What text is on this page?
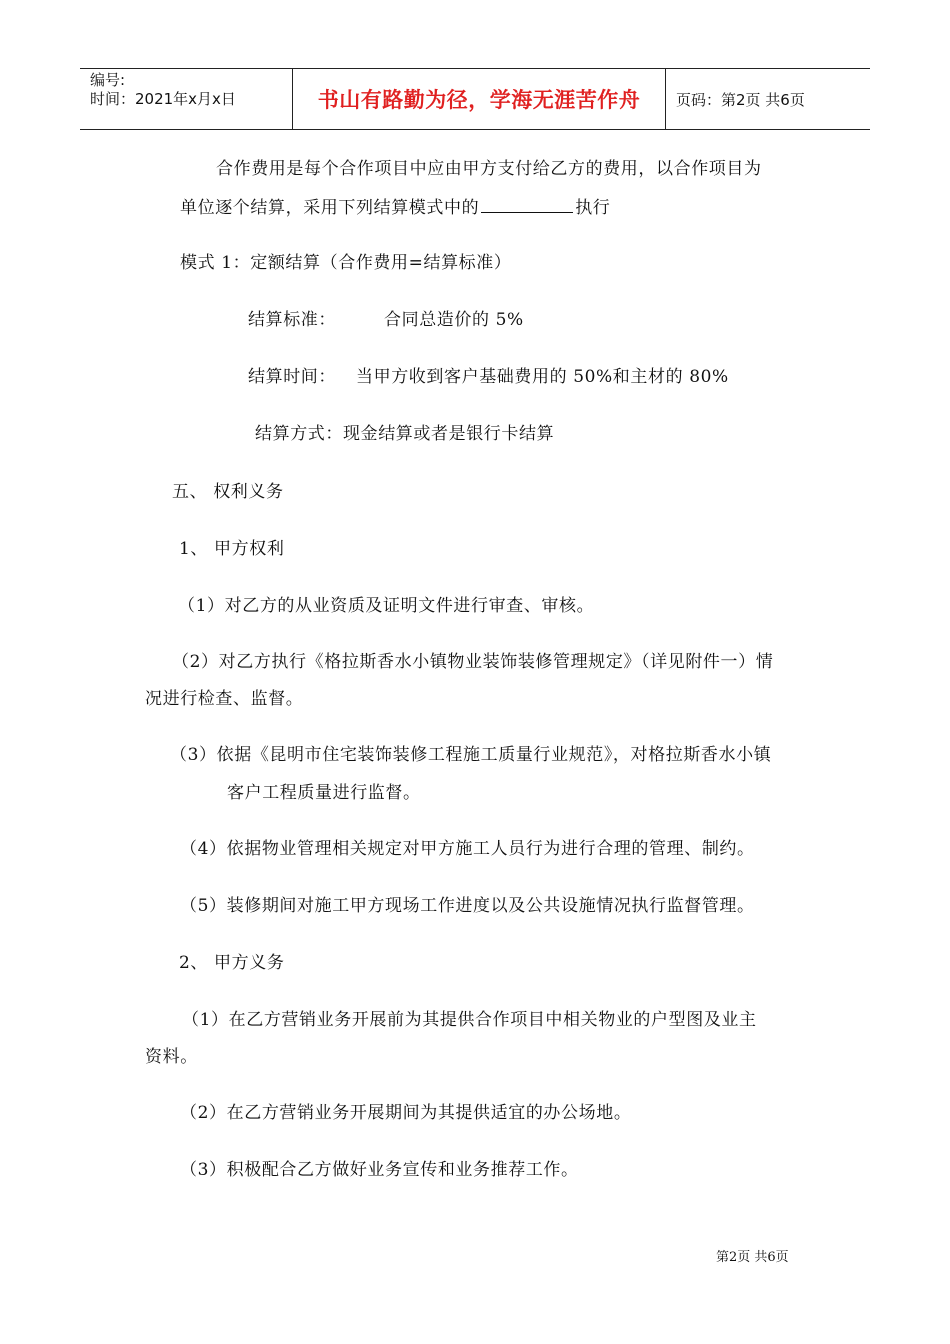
编号:
时间：2021年x月x日	书山有路勤为径，学海无涯苦作舟	页码：第2页 共6页
合作费用是每个合作项目中应由甲方支付给乙方的费用，以合作项目为
单位逐个结算，采用下列结算模式中的	执行
模式 1：定额结算（合作费用=结算标准）
结算标准：	合同总造价的 5%
结算时间： 当甲方收到客户基础费用的 50%和主材的 80%
结算方式：现金结算或者是银行卡结算
五、 权利义务
1、 甲方权利
（1）对乙方的从业资质及证明文件进行审查、审核。
（2）对乙方执行《格拉斯香水小镇物业装饰装修管理规定》（详见附件一）情
况进行检查、监督。
（3）依据《昆明市住宅装饰装修工程施工质量行业规范》，对格拉斯香水小镇
客户工程质量进行监督。
（4）依据物业管理相关规定对甲方施工人员行为进行合理的管理、制约。
（5）装修期间对施工甲方现场工作进度以及公共设施情况执行监督管理。
2、 甲方义务
（1）在乙方营销业务开展前为其提供合作项目中相关物业的户型图及业主
资料。
（2）在乙方营销业务开展期间为其提供适宜的办公场地。
（3）积极配合乙方做好业务宣传和业务推荐工作。
第2页 共6页
